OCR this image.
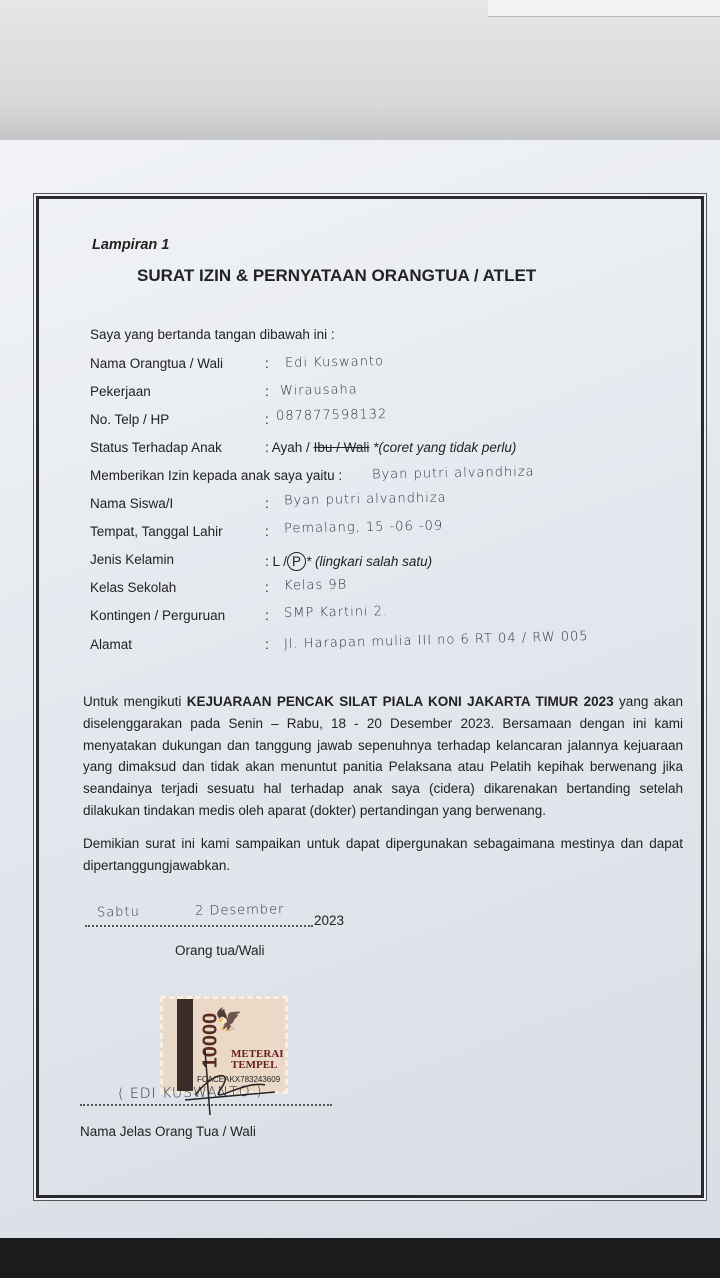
Lampiran 1
SURAT IZIN & PERNYATAAN ORANGTUA / ATLET
Saya yang bertanda tangan dibawah ini :
Nama Orangtua / Wali	: Edi Kuswanto
Pekerjaan	: Wirausaha
No. Telp / HP	: 087877598132
Status Terhadap Anak	: Ayah / Ibu / Wali *(coret yang tidak perlu)
Memberikan Izin kepada anak saya yaitu : Byan putri alvandhiza
Nama Siswa/I	: Byan putri alvandhiza
Tempat, Tanggal Lahir	: Pemalang, 15 -06 -09
Jenis Kelamin	: L / P * (lingkari salah satu)
Kelas Sekolah	: Kelas 9B
Kontingen / Perguruan	: SMP Kartini 2.
Alamat	: Jl. Harapan mulia III no 6 RT 04 / RW 005
Untuk mengikuti KEJUARAAN PENCAK SILAT PIALA KONI JAKARTA TIMUR 2023 yang akan diselenggarakan pada Senin – Rabu, 18 - 20 Desember 2023. Bersamaan dengan ini kami menyatakan dukungan dan tanggung jawab sepenuhnya terhadap kelancaran jalannya kejuaraan yang dimaksud dan tidak akan menuntut panitia Pelaksana atau Pelatih kepihak berwenang jika seandainya terjadi sesuatu hal terhadap anak saya (cidera) dikarenakan bertanding setelah dilakukan tindakan medis oleh aparat (dokter) pertandingan yang berwenang.
Demikian surat ini kami sampaikan untuk dapat dipergunakan sebagaimana mestinya dan dapat dipertanggungjawabkan.
Sabtu	2 Desember
2023
Orang tua/Wali
10000
🦅
METERAI TEMPEL
FCACEAKX783243609
( EDI KUSWANTO )
Nama Jelas Orang Tua / Wali
